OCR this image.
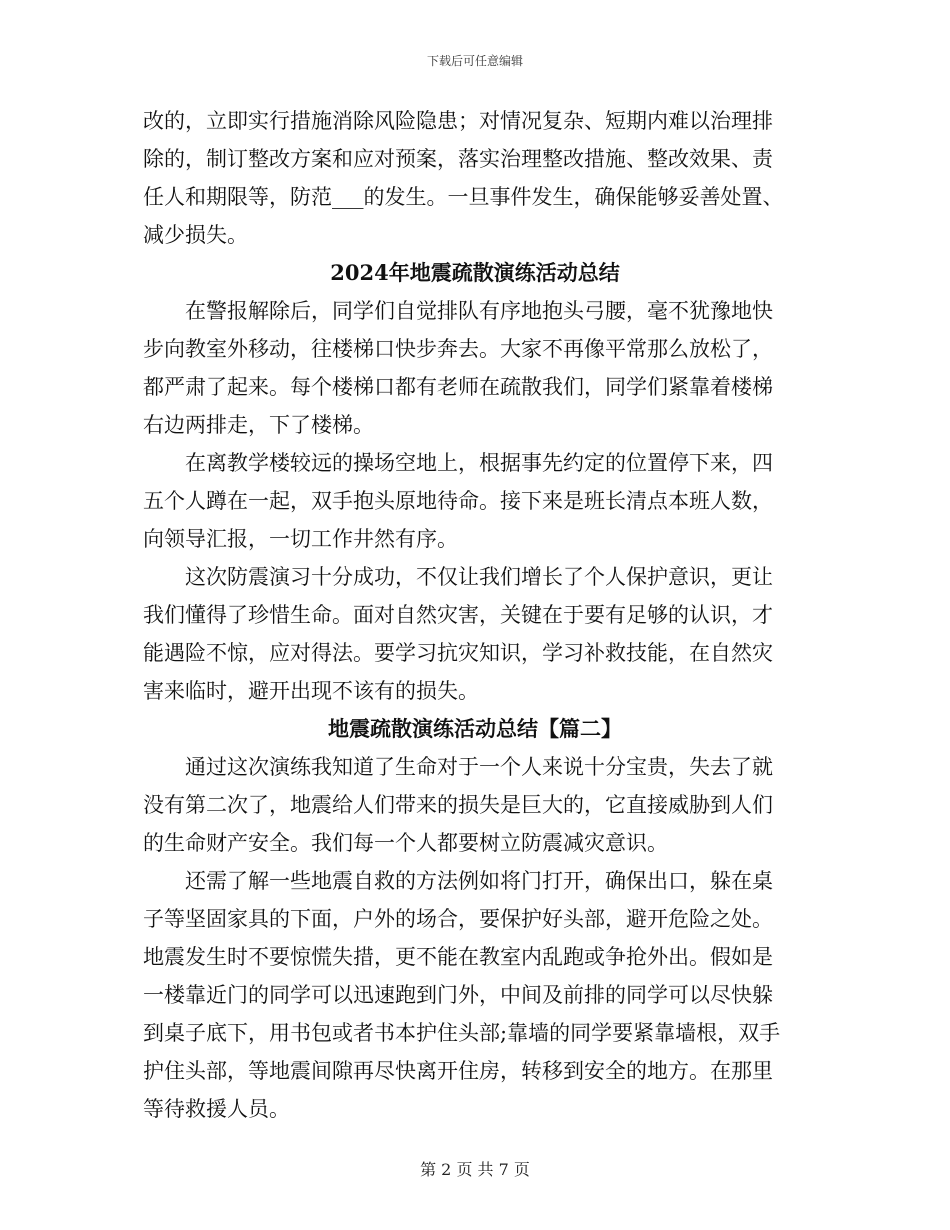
下载后可任意编辑
改的，立即实行措施消除风险隐患；对情况复杂、短期内难以治理排
除的，制订整改方案和应对预案，落实治理整改措施、整改效果、责
任人和期限等，防范___的发生。一旦事件发生，确保能够妥善处置、
减少损失。
2024年地震疏散演练活动总结
在警报解除后，同学们自觉排队有序地抱头弓腰，毫不犹豫地快
步向教室外移动，往楼梯口快步奔去。大家不再像平常那么放松了，
都严肃了起来。每个楼梯口都有老师在疏散我们，同学们紧靠着楼梯
右边两排走，下了楼梯。
在离教学楼较远的操场空地上，根据事先约定的位置停下来，四
五个人蹲在一起，双手抱头原地待命。接下来是班长清点本班人数，
向领导汇报，一切工作井然有序。
这次防震演习十分成功，不仅让我们增长了个人保护意识，更让
我们懂得了珍惜生命。面对自然灾害，关键在于要有足够的认识，才
能遇险不惊，应对得法。要学习抗灾知识，学习补救技能，在自然灾
害来临时，避开出现不该有的损失。
地震疏散演练活动总结【篇二】
通过这次演练我知道了生命对于一个人来说十分宝贵，失去了就
没有第二次了，地震给人们带来的损失是巨大的，它直接威胁到人们
的生命财产安全。我们每一个人都要树立防震减灾意识。
还需了解一些地震自救的方法例如将门打开，确保出口，躲在桌
子等坚固家具的下面，户外的场合，要保护好头部，避开危险之处。
地震发生时不要惊慌失措，更不能在教室内乱跑或争抢外出。假如是
一楼靠近门的同学可以迅速跑到门外，中间及前排的同学可以尽快躲
到桌子底下，用书包或者书本护住头部;靠墙的同学要紧靠墙根，双手
护住头部，等地震间隙再尽快离开住房，转移到安全的地方。在那里
等待救援人员。
第 2 页 共 7 页
